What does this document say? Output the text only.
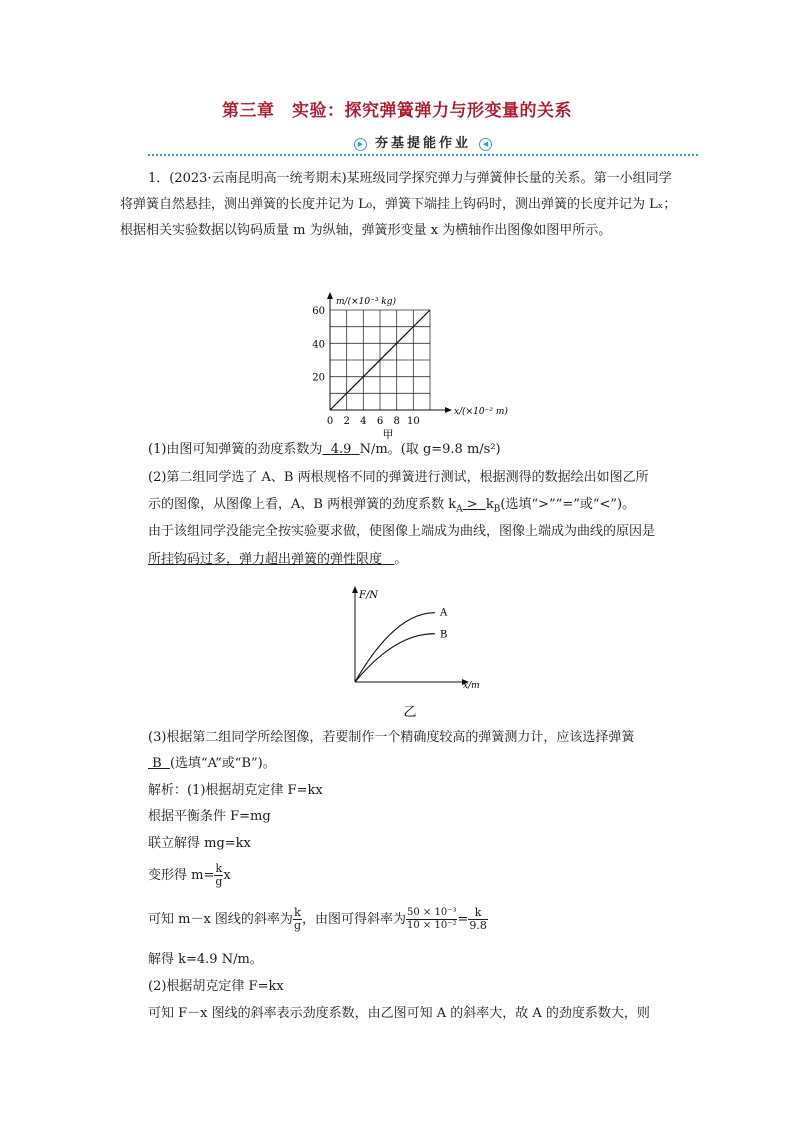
第三章　实验：探究弹簧弹力与形变量的关系
▶ 夯基提能作业 ◀
1．(2023·云南昆明高一统考期末)某班级同学探究弹力与弹簧伸长量的关系。第一小组同学将弹簧自然悬挂，测出弹簧的长度并记为 L₀，弹簧下端挂上钩码时，测出弹簧的长度并记为 Lₓ；根据相关实验数据以钩码质量 m 为纵轴，弹簧形变量 x 为横轴作出图像如图甲所示。
0 2 4 6 8 10
20
40
60
m/(×10⁻³ kg)
x/(×10⁻² m)
甲
(1)由图可知弹簧的劲度系数为 4.9 N/m。(取 g=9.8 m/s²)
(2)第二组同学选了 A、B 两根规格不同的弹簧进行测试，根据测得的数据绘出如图乙所
示的图像，从图像上看，A、B 两根弹簧的劲度系数 $k_A > k_B$(选填“>”“=”或“<”)。
由于该组同学没能完全按实验要求做，使图像上端成为曲线，图像上端成为曲线的原因是
所挂钩码过多，弹力超出弹簧的弹性限度 。
A
B
F/N
x/m
乙
(3)根据第二组同学所绘图像，若要制作一个精确度较高的弹簧测力计，应该选择弹簧
B (选填“A”或“B”)。
解析：(1)根据胡克定律 F=kx
根据平衡条件 F=mg
联立解得 mg=kx
变形得 $m= \frac{k}{g}$ x
可知 m－x 图线的斜率为 $\frac{k}{g}$ ，由图可得斜率为 $\frac{\text{50 × 10⁻³}}{\text{10 × 10⁻²}} = \frac{k}{9.8}$
解得 k=4.9 N/m。
(2)根据胡克定律 F=kx
可知 F－x 图线的斜率表示劲度系数，由乙图可知 A 的斜率大，故 A 的劲度系数大，则
